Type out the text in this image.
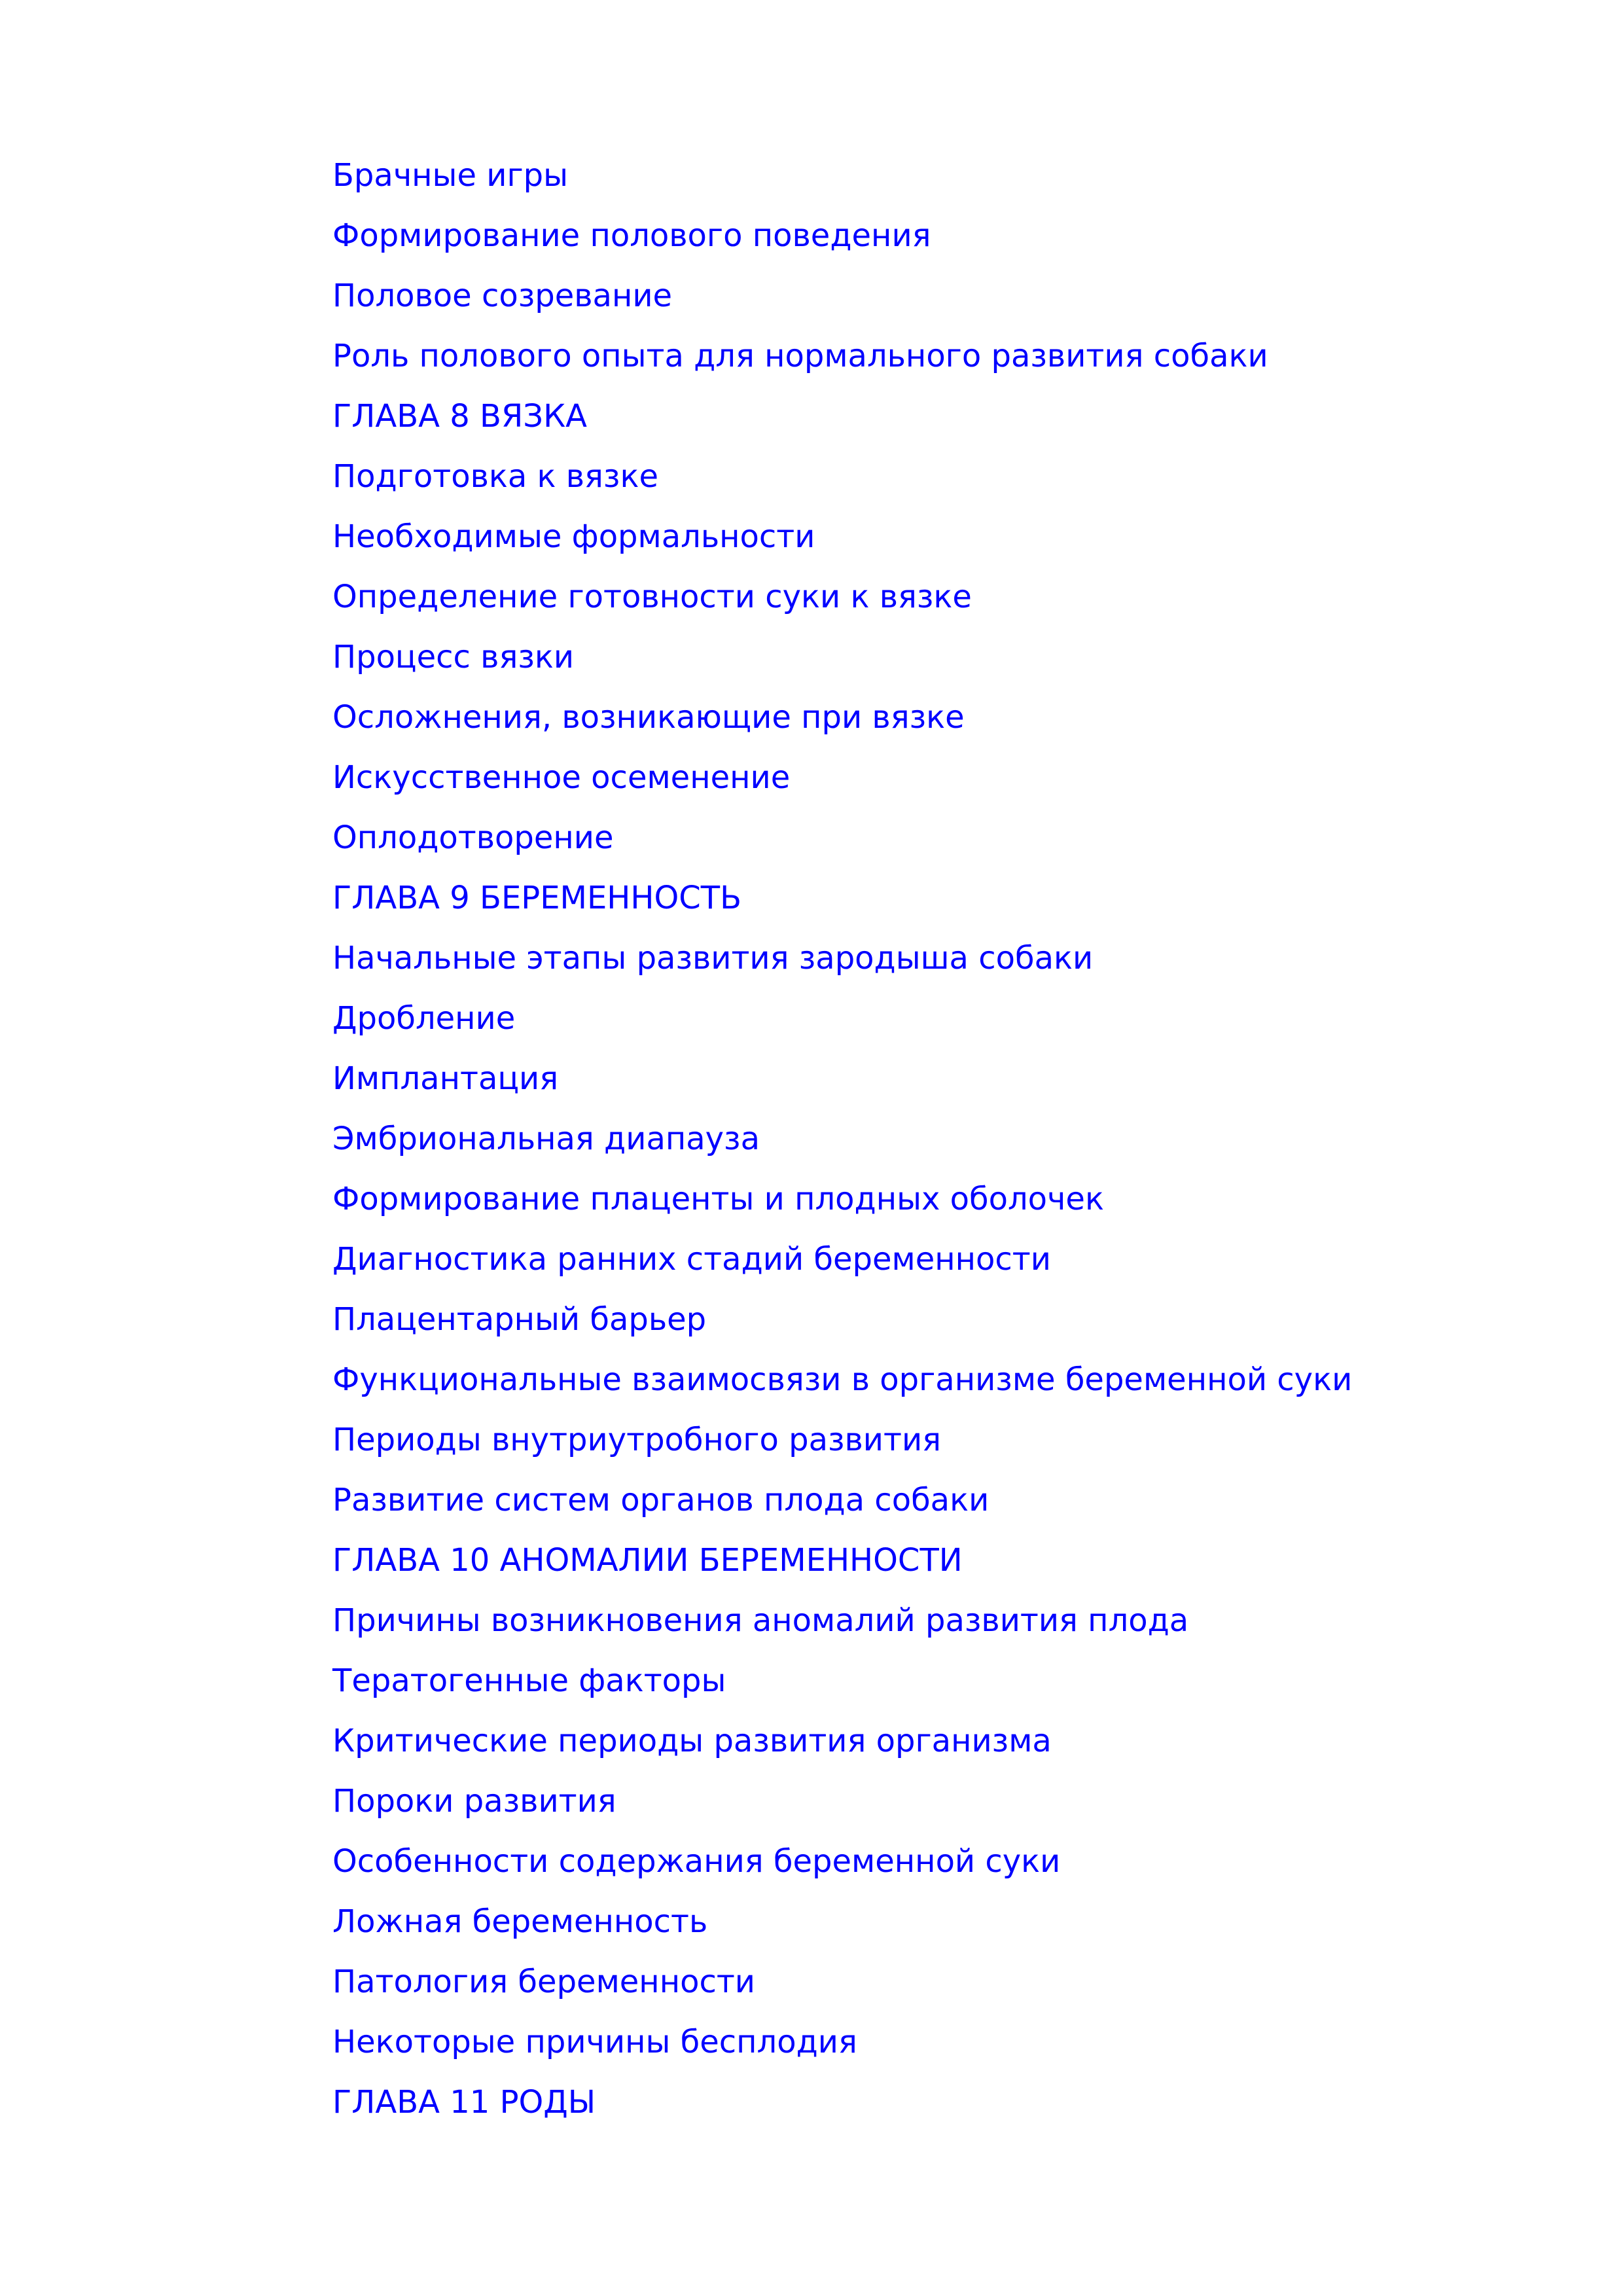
Брачные игры
Формирование полового поведения
Половое созревание
Роль полового опыта для нормального развития собаки
ГЛАВА 8 ВЯЗКА
Подготовка к вязке
Необходимые формальности
Определение готовности суки к вязке
Процесс вязки
Осложнения, возникающие при вязке
Искусственное осеменение
Оплодотворение
ГЛАВА 9 БЕРЕМЕННОСТЬ
Начальные этапы развития зародыша собаки
Дробление
Имплантация
Эмбриональная диапауза
Формирование плаценты и плодных оболочек
Диагностика ранних стадий беременности
Плацентарный барьер
Функциональные взаимосвязи в организме беременной суки
Периоды внутриутробного развития
Развитие систем органов плода собаки
ГЛАВА 10 АНОМАЛИИ БЕРЕМЕННОСТИ
Причины возникновения аномалий развития плода
Тератогенные факторы
Критические периоды развития организма
Пороки развития
Особенности содержания беременной суки
Ложная беременность
Патология беременности
Некоторые причины бесплодия
ГЛАВА 11 РОДЫ
